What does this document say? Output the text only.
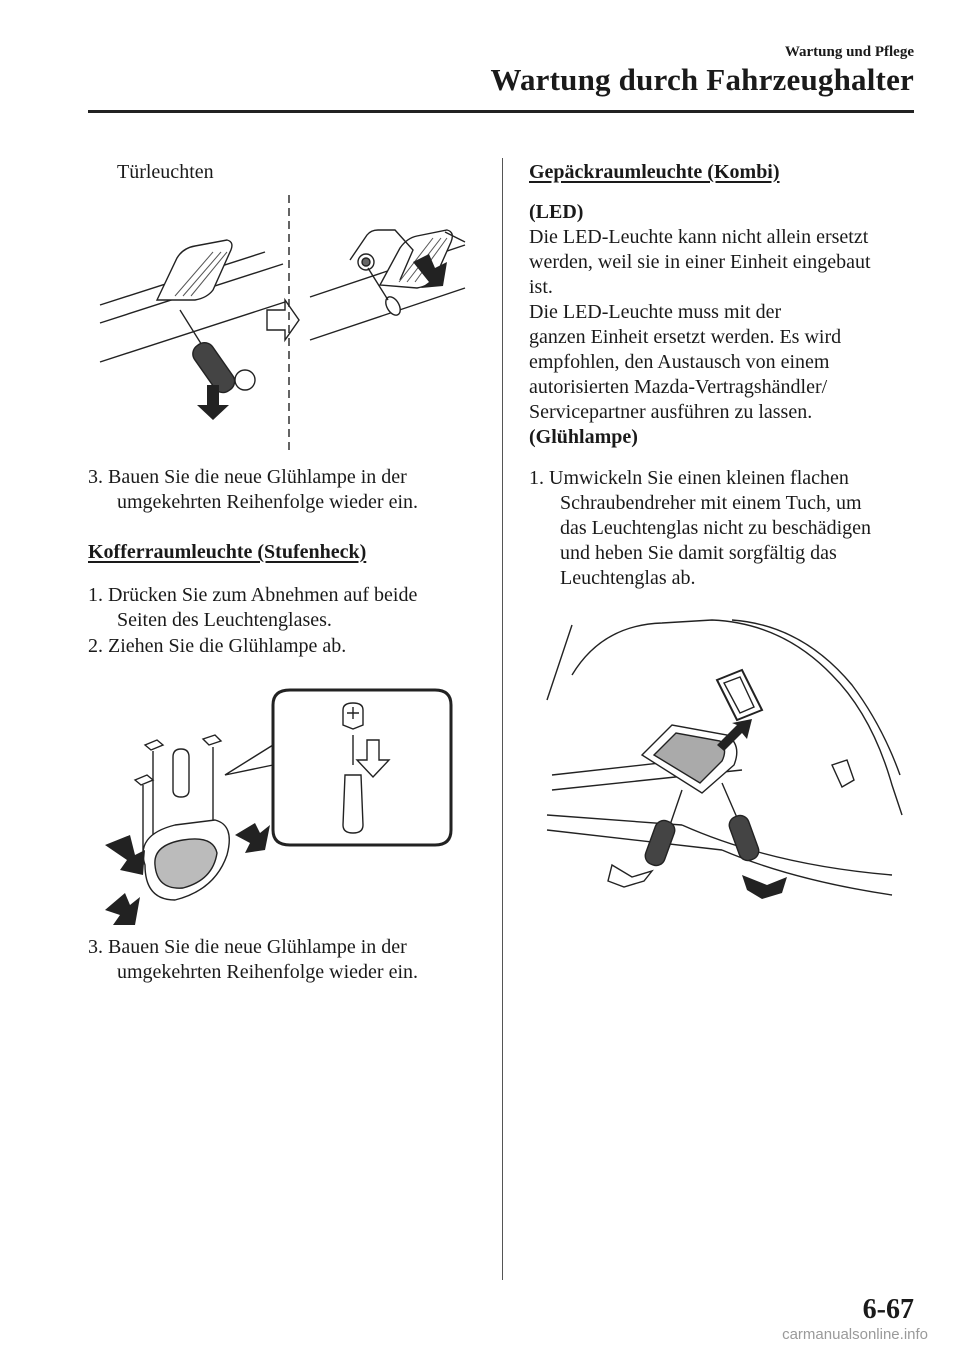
Wartung und Pflege
Wartung durch Fahrzeughalter
Türleuchten
3. Bauen Sie die neue Glühlampe in der
umgekehrten Reihenfolge wieder ein.
Kofferraumleuchte (Stufenheck)
1. Drücken Sie zum Abnehmen auf beide
Seiten des Leuchtenglases.
2. Ziehen Sie die Glühlampe ab.
3. Bauen Sie die neue Glühlampe in der
umgekehrten Reihenfolge wieder ein.
Gepäckraumleuchte (Kombi)
(LED)
Die LED-Leuchte kann nicht allein ersetzt
werden, weil sie in einer Einheit eingebaut
ist.
Die LED-Leuchte muss mit der
ganzen Einheit ersetzt werden. Es wird
empfohlen, den Austausch von einem
autorisierten Mazda-Vertragshändler/
Servicepartner ausführen zu lassen.
(Glühlampe)
1. Umwickeln Sie einen kleinen flachen
Schraubendreher mit einem Tuch, um
das Leuchtenglas nicht zu beschädigen
und heben Sie damit sorgfältig das
Leuchtenglas ab.
6-67
carmanualsonline.info
